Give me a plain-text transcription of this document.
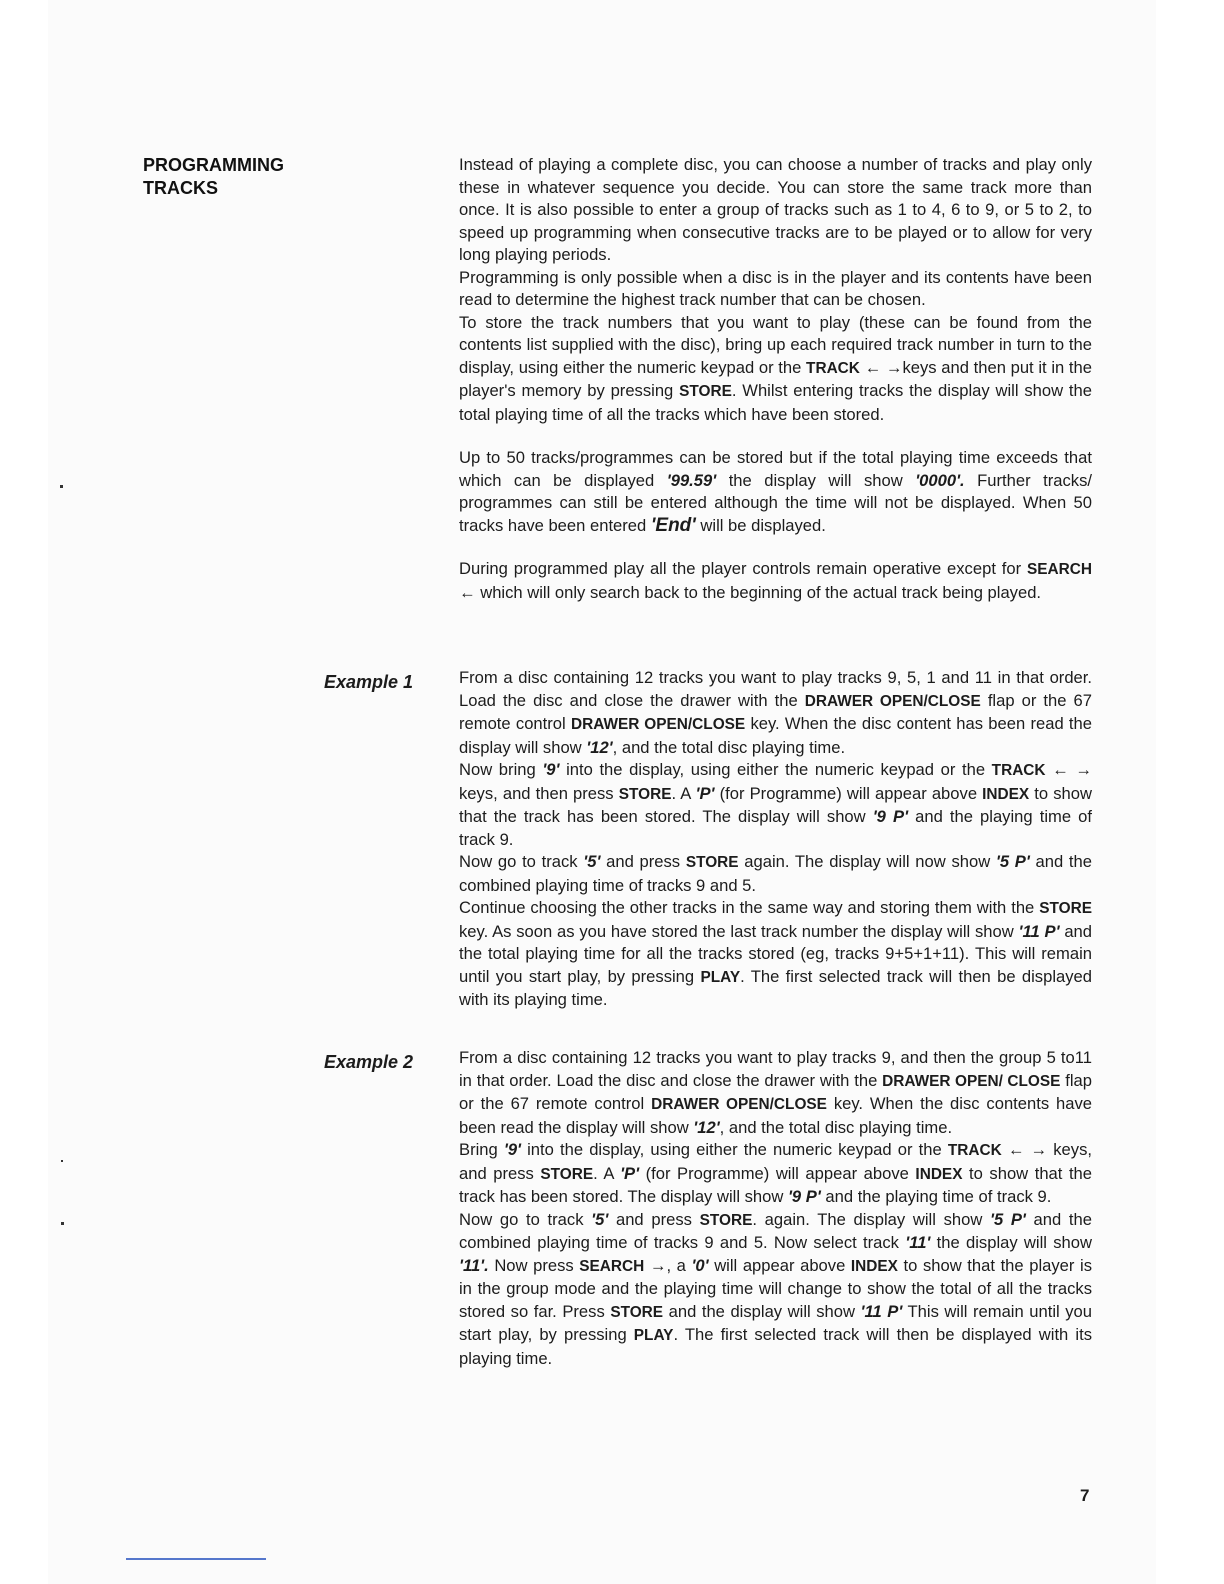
PROGRAMMING
TRACKS

Instead of playing a complete disc, you can choose a number of tracks and play only these in whatever sequence you decide. You can store the same track more than once. It is also possible to enter a group of tracks such as 1 to 4, 6 to 9, or 5 to 2, to speed up programming when consecutive tracks are to be played or to allow for very long playing periods.

Programming is only possible when a disc is in the player and its contents have been read to determine the highest track number that can be chosen.

To store the track numbers that you want to play (these can be found from the contents list supplied with the disc), bring up each required track number in turn to the display, using either the numeric keypad or the TRACK ← →keys and then put it in the player's memory by pressing STORE. Whilst entering tracks the display will show the total playing time of all the tracks which have been stored.

Up to 50 tracks/programmes can be stored but if the total playing time exceeds that which can be displayed '99.59' the display will show '0000'. Further tracks/ programmes can still be entered although the time will not be displayed. When 50 tracks have been entered 'End' will be displayed.

During programmed play all the player controls remain operative except for SEARCH ← which will only search back to the beginning of the actual track being played.

Example 1	From a disc containing 12 tracks you want to play tracks 9, 5, 1 and 11 in that order. Load the disc and close the drawer with the DRAWER OPEN/CLOSE flap or the 67 remote control DRAWER OPEN/CLOSE key. When the disc content has been read the display will show '12', and the total disc playing time.

Now bring '9' into the display, using either the numeric keypad or the TRACK ← → keys, and then press STORE. A 'P' (for Programme) will appear above INDEX to show that the track has been stored. The display will show '9 P' and the playing time of track 9.

Now go to track '5' and press STORE again. The display will now show '5 P' and the combined playing time of tracks 9 and 5.

Continue choosing the other tracks in the same way and storing them with the STORE key. As soon as you have stored the last track number the display will show '11 P' and the total playing time for all the tracks stored (eg, tracks 9+5+1+11). This will remain until you start play, by pressing PLAY. The first selected track will then be displayed with its playing time.

Example 2	From a disc containing 12 tracks you want to play tracks 9, and then the group 5 to11 in that order. Load the disc and close the drawer with the DRAWER OPEN/ CLOSE flap or the 67 remote control DRAWER OPEN/CLOSE key. When the disc contents have been read the display will show '12', and the total disc playing time.

Bring '9' into the display, using either the numeric keypad or the TRACK ← → keys, and press STORE. A 'P' (for Programme) will appear above INDEX to show that the track has been stored. The display will show '9 P' and the playing time of track 9.

Now go to track '5' and press STORE. again. The display will show '5 P' and the combined playing time of tracks 9 and 5. Now select track '11' the display will show '11'. Now press SEARCH →, a '0' will appear above INDEX to show that the player is in the group mode and the playing time will change to show the total of all the tracks stored so far. Press STORE and the display will show '11 P' This will remain until you start play, by pressing PLAY. The first selected track will then be displayed with its playing time.

7
